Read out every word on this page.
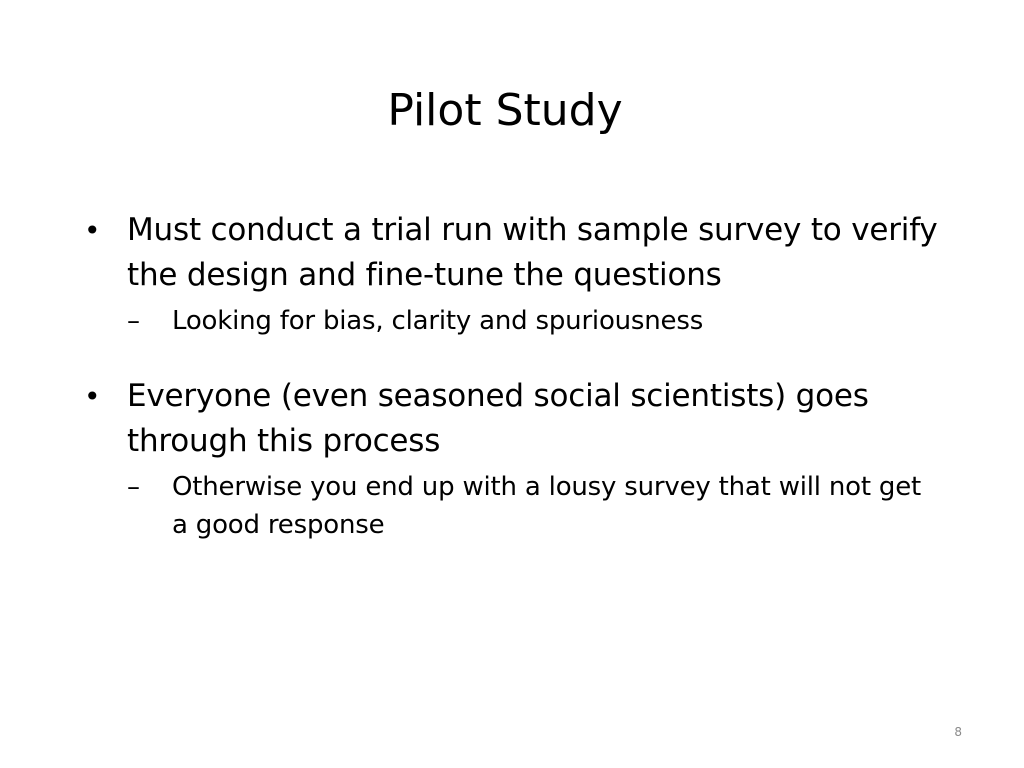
Pilot Study
• Must conduct a trial run with sample survey to verify the design and fine-tune the questions
–	Looking for bias, clarity and spuriousness
• Everyone (even seasoned social scientists) goes through this process
–	Otherwise you end up with a lousy survey that will not get a good response
8
